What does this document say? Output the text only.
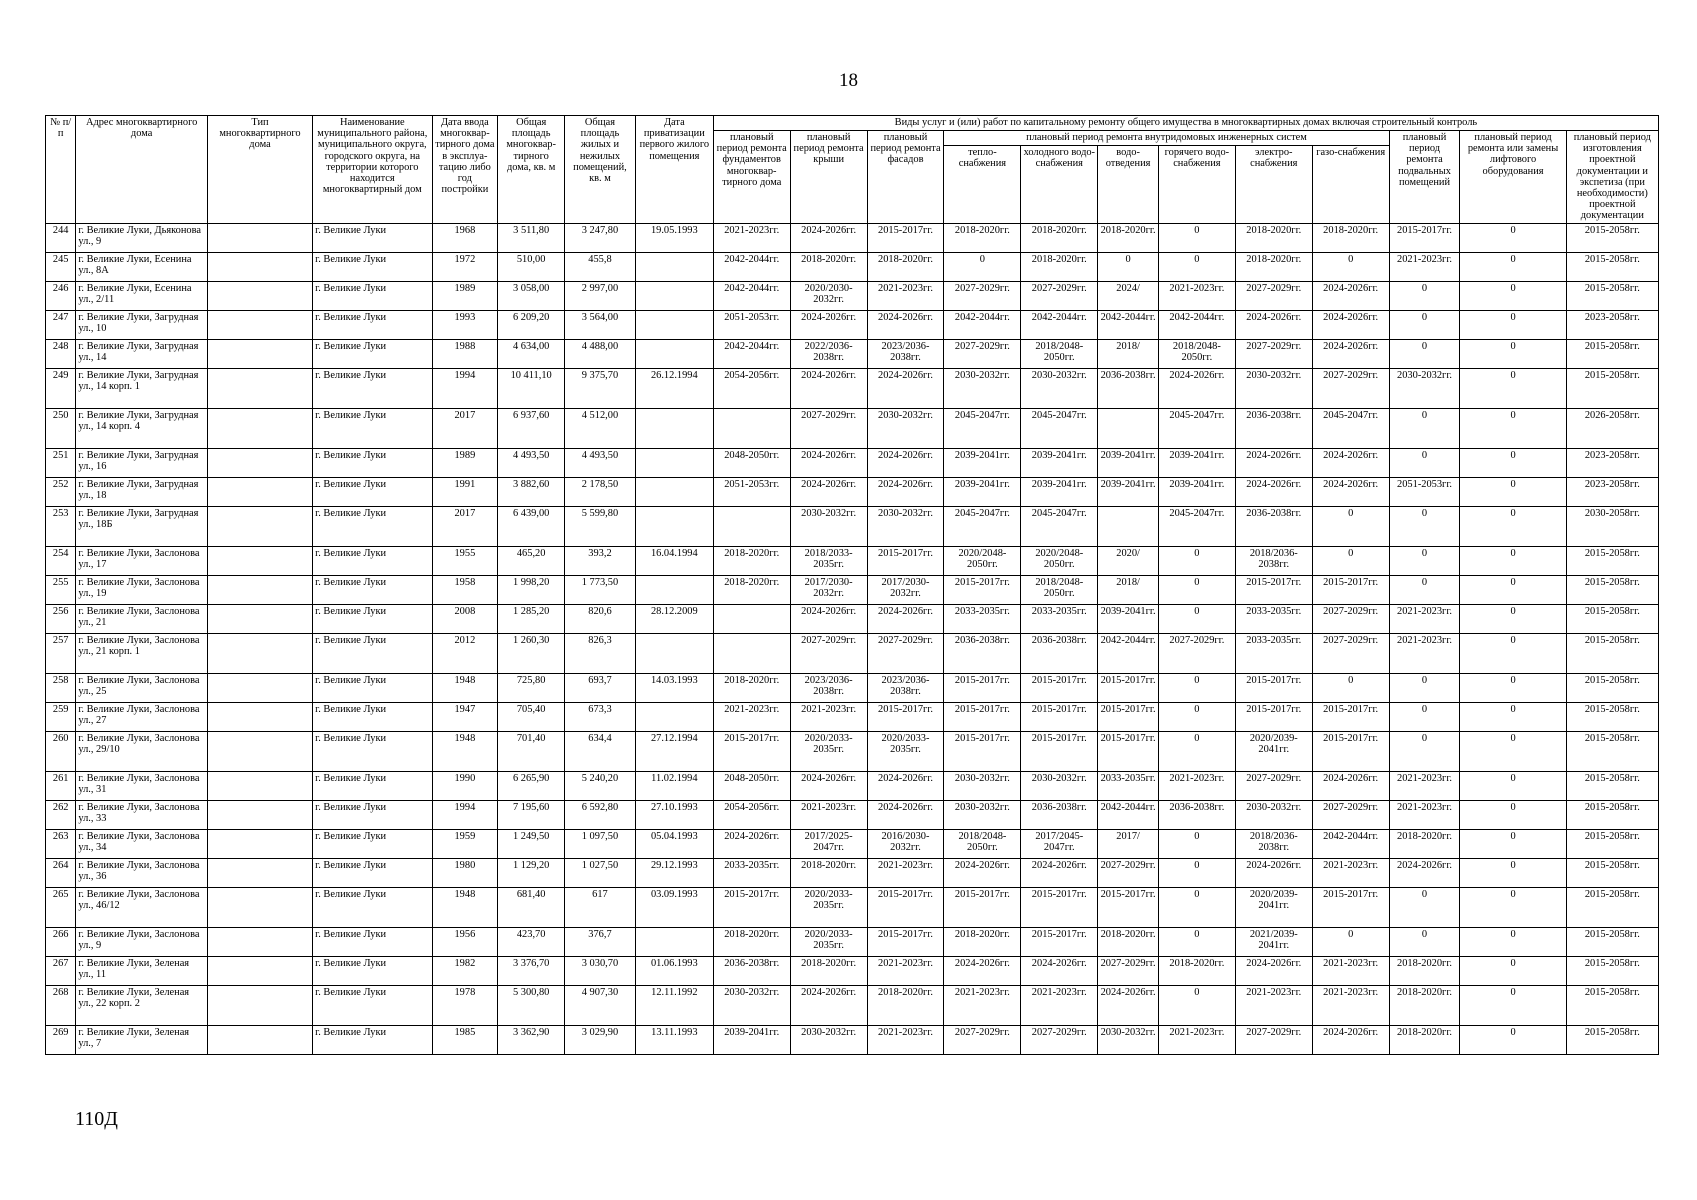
18
№ п/п	Адрес многоквартирного дома	Тип многоквартирного дома	Наименование муниципального района, муниципального округа, городского округа, на территории которого находится многоквартирный дом	Дата ввода многоквар-тирного дома в эксплуа-тацию либо год постройки	Общая площадь многоквар-тирного дома, кв. м	Общая площадь жилых и нежилых помещений, кв. м	Дата приватизации первого жилого помещения	Виды услуг и (или) работ по капитальному ремонту общего имущества в многоквартирных домах включая строительный контроль											
								плановый период ремонта фундаментов многоквар-тирного дома	плановый период ремонта крыши	плановый период ремонта фасадов	плановый период ремонта внутридомовых инженерных систем						плановый период ремонта подвальных помещений	плановый период ремонта или замены лифтового оборудования	плановый период изготовления проектной документации и экспетиза (при необходимости) проектной документации
											тепло-снабжения	холодного водо-снабжения	водо-отведения	горячего водо-снабжения	электро-снабжения	газо-снабжения			
244	г. Великие Луки, Дьяконова ул., 9		г. Великие Луки	1968	3 511,80	3 247,80	19.05.1993	2021-2023гг.	2024-2026гг.	2015-2017гг.	2018-2020гг.	2018-2020гг.	2018-2020гг.	0	2018-2020гг.	2018-2020гг.	2015-2017гг.	0	2015-2058гг.
245	г. Великие Луки, Есенина ул., 8А		г. Великие Луки	1972	510,00	455,8		2042-2044гг.	2018-2020гг.	2018-2020гг.	0	2018-2020гг.	0	0	2018-2020гг.	0	2021-2023гг.	0	2015-2058гг.
246	г. Великие Луки, Есенина ул., 2/11		г. Великие Луки	1989	3 058,00	2 997,00		2042-2044гг.	2020/2030-2032гг.	2021-2023гг.	2027-2029гг.	2027-2029гг.	2024/	2021-2023гг.	2027-2029гг.	2024-2026гг.	0	0	2015-2058гг.
247	г. Великие Луки, Загрудная ул., 10		г. Великие Луки	1993	6 209,20	3 564,00		2051-2053гг.	2024-2026гг.	2024-2026гг.	2042-2044гг.	2042-2044гг.	2042-2044гг.	2042-2044гг.	2024-2026гг.	2024-2026гг.	0	0	2023-2058гг.
248	г. Великие Луки, Загрудная ул., 14		г. Великие Луки	1988	4 634,00	4 488,00		2042-2044гг.	2022/2036-2038гг.	2023/2036-2038гг.	2027-2029гг.	2018/2048-2050гг.	2018/	2018/2048-2050гг.	2027-2029гг.	2024-2026гг.	0	0	2015-2058гг.
249	г. Великие Луки, Загрудная ул., 14 корп. 1		г. Великие Луки	1994	10 411,10	9 375,70	26.12.1994	2054-2056гг.	2024-2026гг.	2024-2026гг.	2030-2032гг.	2030-2032гг.	2036-2038гг.	2024-2026гг.	2030-2032гг.	2027-2029гг.	2030-2032гг.	0	2015-2058гг.
250	г. Великие Луки, Загрудная ул., 14 корп. 4		г. Великие Луки	2017	6 937,60	4 512,00			2027-2029гг.	2030-2032гг.	2045-2047гг.	2045-2047гг.		2045-2047гг.	2036-2038гг.	2045-2047гг.	0	0	2026-2058гг.
251	г. Великие Луки, Загрудная ул., 16		г. Великие Луки	1989	4 493,50	4 493,50		2048-2050гг.	2024-2026гг.	2024-2026гг.	2039-2041гг.	2039-2041гг.	2039-2041гг.	2039-2041гг.	2024-2026гг.	2024-2026гг.	0	0	2023-2058гг.
252	г. Великие Луки, Загрудная ул., 18		г. Великие Луки	1991	3 882,60	2 178,50		2051-2053гг.	2024-2026гг.	2024-2026гг.	2039-2041гг.	2039-2041гг.	2039-2041гг.	2039-2041гг.	2024-2026гг.	2024-2026гг.	2051-2053гг.	0	2023-2058гг.
253	г. Великие Луки, Загрудная ул., 18Б		г. Великие Луки	2017	6 439,00	5 599,80			2030-2032гг.	2030-2032гг.	2045-2047гг.	2045-2047гг.		2045-2047гг.	2036-2038гг.	0	0	0	2030-2058гг.
254	г. Великие Луки, Заслонова ул., 17		г. Великие Луки	1955	465,20	393,2	16.04.1994	2018-2020гг.	2018/2033-2035гг.	2015-2017гг.	2020/2048-2050гг.	2020/2048-2050гг.	2020/	0	2018/2036-2038гг.	0	0	0	2015-2058гг.
255	г. Великие Луки, Заслонова ул., 19		г. Великие Луки	1958	1 998,20	1 773,50		2018-2020гг.	2017/2030-2032гг.	2017/2030-2032гг.	2015-2017гг.	2018/2048-2050гг.	2018/	0	2015-2017гг.	2015-2017гг.	0	0	2015-2058гг.
256	г. Великие Луки, Заслонова ул., 21		г. Великие Луки	2008	1 285,20	820,6	28.12.2009		2024-2026гг.	2024-2026гг.	2033-2035гг.	2033-2035гг.	2039-2041гг.	0	2033-2035гг.	2027-2029гг.	2021-2023гг.	0	2015-2058гг.
257	г. Великие Луки, Заслонова ул., 21 корп. 1		г. Великие Луки	2012	1 260,30	826,3			2027-2029гг.	2027-2029гг.	2036-2038гг.	2036-2038гг.	2042-2044гг.	2027-2029гг.	2033-2035гг.	2027-2029гг.	2021-2023гг.	0	2015-2058гг.
258	г. Великие Луки, Заслонова ул., 25		г. Великие Луки	1948	725,80	693,7	14.03.1993	2018-2020гг.	2023/2036-2038гг.	2023/2036-2038гг.	2015-2017гг.	2015-2017гг.	2015-2017гг.	0	2015-2017гг.	0	0	0	2015-2058гг.
259	г. Великие Луки, Заслонова ул., 27		г. Великие Луки	1947	705,40	673,3		2021-2023гг.	2021-2023гг.	2015-2017гг.	2015-2017гг.	2015-2017гг.	2015-2017гг.	0	2015-2017гг.	2015-2017гг.	0	0	2015-2058гг.
260	г. Великие Луки, Заслонова ул., 29/10		г. Великие Луки	1948	701,40	634,4	27.12.1994	2015-2017гг.	2020/2033-2035гг.	2020/2033-2035гг.	2015-2017гг.	2015-2017гг.	2015-2017гг.	0	2020/2039-2041гг.	2015-2017гг.	0	0	2015-2058гг.
261	г. Великие Луки, Заслонова ул., 31		г. Великие Луки	1990	6 265,90	5 240,20	11.02.1994	2048-2050гг.	2024-2026гг.	2024-2026гг.	2030-2032гг.	2030-2032гг.	2033-2035гг.	2021-2023гг.	2027-2029гг.	2024-2026гг.	2021-2023гг.	0	2015-2058гг.
262	г. Великие Луки, Заслонова ул., 33		г. Великие Луки	1994	7 195,60	6 592,80	27.10.1993	2054-2056гг.	2021-2023гг.	2024-2026гг.	2030-2032гг.	2036-2038гг.	2042-2044гг.	2036-2038гг.	2030-2032гг.	2027-2029гг.	2021-2023гг.	0	2015-2058гг.
263	г. Великие Луки, Заслонова ул., 34		г. Великие Луки	1959	1 249,50	1 097,50	05.04.1993	2024-2026гг.	2017/2025-2047гг.	2016/2030-2032гг.	2018/2048-2050гг.	2017/2045-2047гг.	2017/	0	2018/2036-2038гг.	2042-2044гг.	2018-2020гг.	0	2015-2058гг.
264	г. Великие Луки, Заслонова ул., 36		г. Великие Луки	1980	1 129,20	1 027,50	29.12.1993	2033-2035гг.	2018-2020гг.	2021-2023гг.	2024-2026гг.	2024-2026гг.	2027-2029гг.	0	2024-2026гг.	2021-2023гг.	2024-2026гг.	0	2015-2058гг.
265	г. Великие Луки, Заслонова ул., 46/12		г. Великие Луки	1948	681,40	617	03.09.1993	2015-2017гг.	2020/2033-2035гг.	2015-2017гг.	2015-2017гг.	2015-2017гг.	2015-2017гг.	0	2020/2039-2041гг.	2015-2017гг.	0	0	2015-2058гг.
266	г. Великие Луки, Заслонова ул., 9		г. Великие Луки	1956	423,70	376,7		2018-2020гг.	2020/2033-2035гг.	2015-2017гг.	2018-2020гг.	2015-2017гг.	2018-2020гг.	0	2021/2039-2041гг.	0	0	0	2015-2058гг.
267	г. Великие Луки, Зеленая ул., 11		г. Великие Луки	1982	3 376,70	3 030,70	01.06.1993	2036-2038гг.	2018-2020гг.	2021-2023гг.	2024-2026гг.	2024-2026гг.	2027-2029гг.	2018-2020гг.	2024-2026гг.	2021-2023гг.	2018-2020гг.	0	2015-2058гг.
268	г. Великие Луки, Зеленая ул., 22 корп. 2		г. Великие Луки	1978	5 300,80	4 907,30	12.11.1992	2030-2032гг.	2024-2026гг.	2018-2020гг.	2021-2023гг.	2021-2023гг.	2024-2026гг.	0	2021-2023гг.	2021-2023гг.	2018-2020гг.	0	2015-2058гг.
269	г. Великие Луки, Зеленая ул., 7		г. Великие Луки	1985	3 362,90	3 029,90	13.11.1993	2039-2041гг.	2030-2032гг.	2021-2023гг.	2027-2029гг.	2027-2029гг.	2030-2032гг.	2021-2023гг.	2027-2029гг.	2024-2026гг.	2018-2020гг.	0	2015-2058гг.
110Д
